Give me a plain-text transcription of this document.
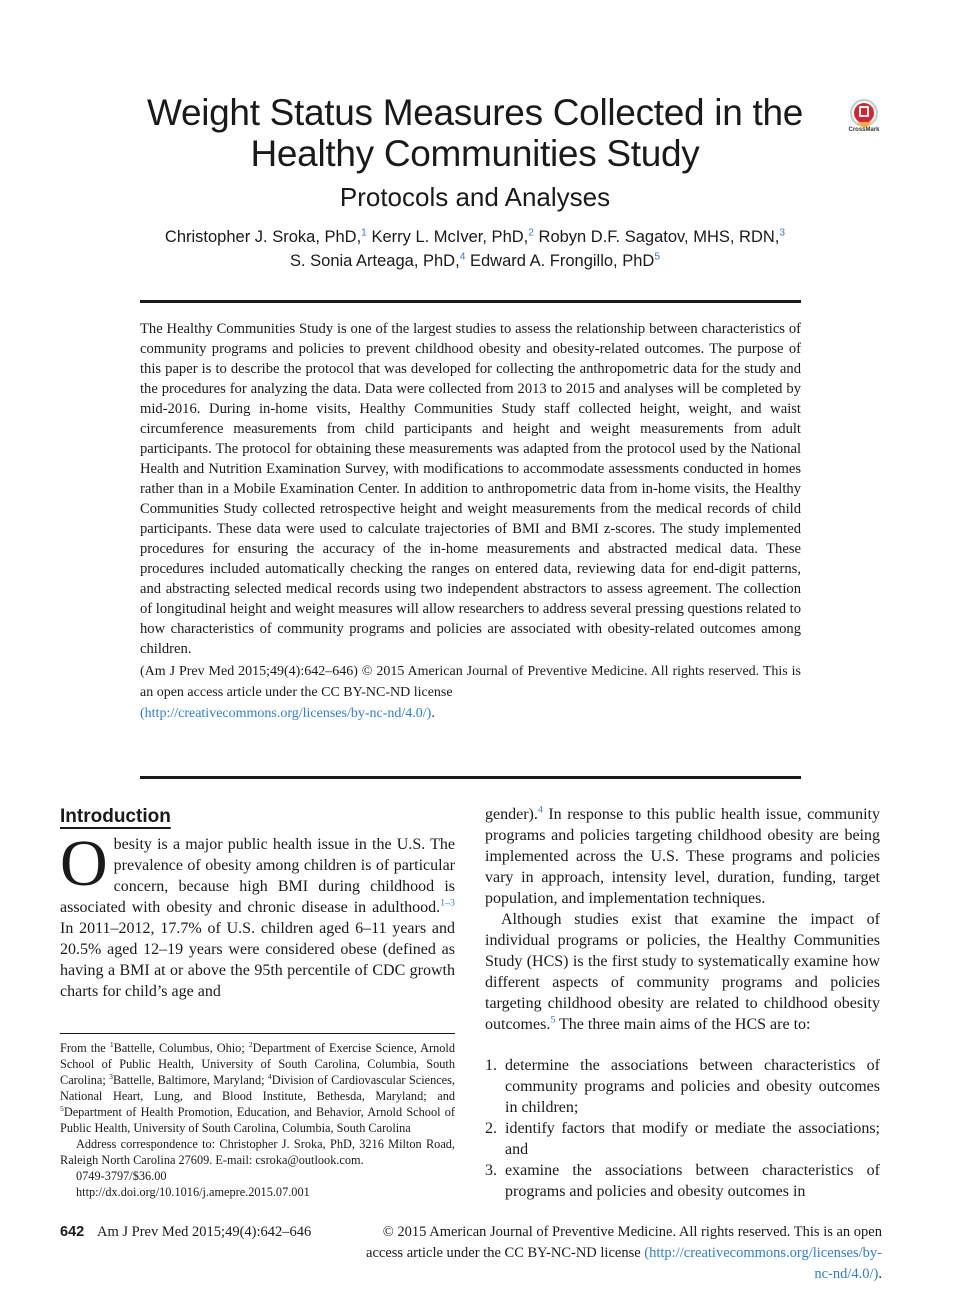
Weight Status Measures Collected in the
Healthy Communities Study
Protocols and Analyses
Christopher J. Sroka, PhD,$^1$ Kerry L. McIver, PhD,$^2$ Robyn D.F. Sagatov, MHS, RDN,$^3$
S. Sonia Arteaga, PhD,$^4$ Edward A. Frongillo, PhD$^5$
CrossMark

The Healthy Communities Study is one of the largest studies to assess the relationship between characteristics of community programs and policies to prevent childhood obesity and obesity-related outcomes. The purpose of this paper is to describe the protocol that was developed for collecting the anthropometric data for the study and the procedures for analyzing the data. Data were collected from 2013 to 2015 and analyses will be completed by mid-2016. During in-home visits, Healthy Communities Study staff collected height, weight, and waist circumference measurements from child participants and height and weight measurements from adult participants. The protocol for obtaining these measurements was adapted from the protocol used by the National Health and Nutrition Examination Survey, with modifications to accommodate assessments conducted in homes rather than in a Mobile Examination Center. In addition to anthropometric data from in-home visits, the Healthy Communities Study collected retrospective height and weight measurements from the medical records of child participants. These data were used to calculate trajectories of BMI and BMI z-scores. The study implemented procedures for ensuring the accuracy of the in-home measurements and abstracted medical data. These procedures included automatically checking the ranges on entered data, reviewing data for end-digit patterns, and abstracting selected medical records using two independent abstractors to assess agreement. The collection of longitudinal height and weight measures will allow researchers to address several pressing questions related to how characteristics of community programs and policies are associated with obesity-related outcomes among children.

(Am J Prev Med 2015;49(4):642–646) © 2015 American Journal of Preventive Medicine. All rights reserved. This is an open access article under the CC BY-NC-ND license
(http://creativecommons.org/licenses/by-nc-nd/4.0/).
Introduction

Obesity is a major public health issue in the U.S. The prevalence of obesity among children is of particular concern, because high BMI during childhood is associated with obesity and chronic disease in adulthood.$^{1-3}$ In 2011–2012, 17.7% of U.S. children aged 6–11 years and 20.5% aged 12–19 years were considered obese (defined as having a BMI at or above the 95th percentile of CDC growth charts for child’s age and

From the $^1$Battelle, Columbus, Ohio; $^2$Department of Exercise Science, Arnold School of Public Health, University of South Carolina, Columbia, South Carolina; $^3$Battelle, Baltimore, Maryland; $^4$Division of Cardiovascular Sciences, National Heart, Lung, and Blood Institute, Bethesda, Maryland; and $^5$Department of Health Promotion, Education, and Behavior, Arnold School of Public Health, University of South Carolina, Columbia, South Carolina

Address correspondence to: Christopher J. Sroka, PhD, 3216 Milton Road, Raleigh North Carolina 27609. E-mail: csroka@outlook.com.

0749-3797/$36.00

http://dx.doi.org/10.1016/j.amepre.2015.07.001

gender).$^4$ In response to this public health issue, community programs and policies targeting childhood obesity are being implemented across the U.S. These programs and policies vary in approach, intensity level, duration, funding, target population, and implementation techniques.

Although studies exist that examine the impact of individual programs or policies, the Healthy Communities Study (HCS) is the first study to systematically examine how different aspects of community programs and policies targeting childhood obesity are related to childhood obesity outcomes.$^5$ The three main aims of the HCS are to:

1. determine the associations between characteristics of community programs and policies and obesity outcomes in children;
2. identify factors that modify or mediate the associations; and
3. examine the associations between characteristics of programs and policies and obesity outcomes in
642 Am J Prev Med 2015;49(4):642–646	© 2015 American Journal of Preventive Medicine. All rights reserved. This is an open access article under the CC BY-NC-ND license (http://creativecommons.org/licenses/by-nc-nd/4.0/).
